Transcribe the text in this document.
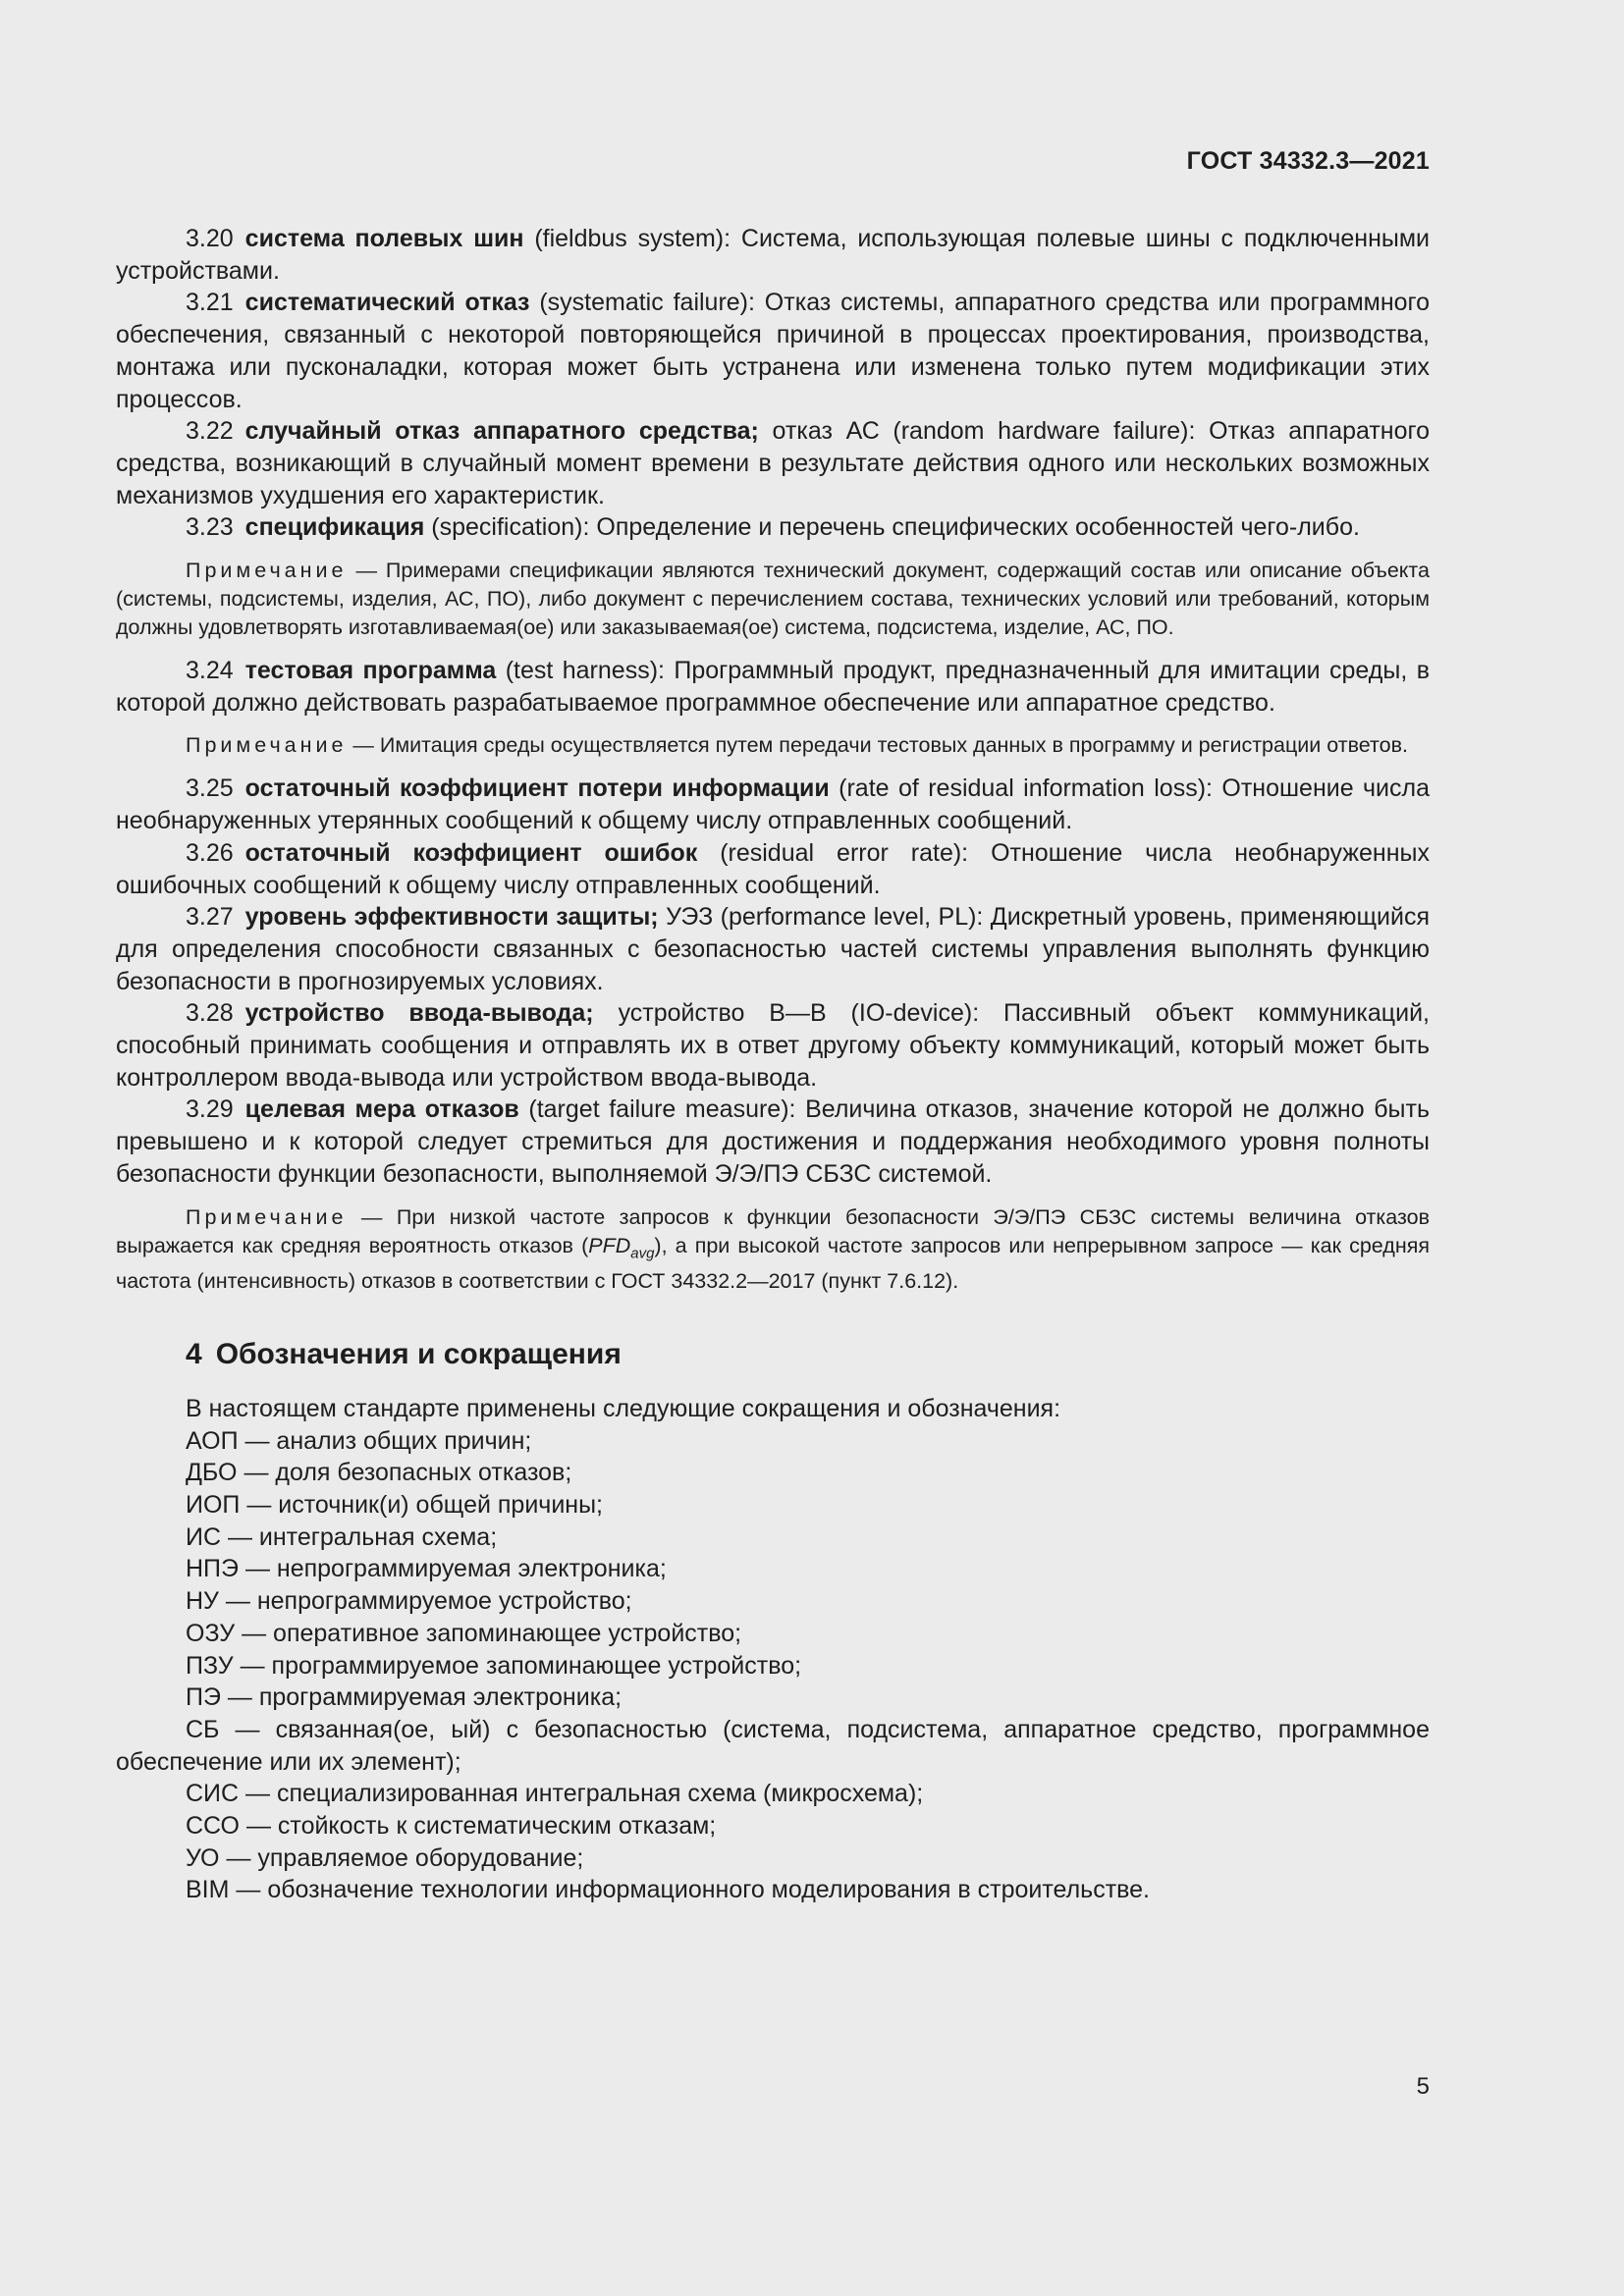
ГОСТ 34332.3—2021

3.20 система полевых шин (fieldbus system): Система, использующая полевые шины с подключенными устройствами.

3.21 систематический отказ (systematic failure): Отказ системы, аппаратного средства или программного обеспечения, связанный с некоторой повторяющейся причиной в процессах проектирования, производства, монтажа или пусконаладки, которая может быть устранена или изменена только путем модификации этих процессов.

3.22 случайный отказ аппаратного средства; отказ АС (random hardware failure): Отказ аппаратного средства, возникающий в случайный момент времени в результате действия одного или нескольких возможных механизмов ухудшения его характеристик.

3.23 спецификация (specification): Определение и перечень специфических особенностей чего-либо.

Примечание — Примерами спецификации являются технический документ, содержащий состав или описание объекта (системы, подсистемы, изделия, АС, ПО), либо документ с перечислением состава, технических условий или требований, которым должны удовлетворять изготавливаемая(ое) или заказываемая(ое) система, подсистема, изделие, АС, ПО.

3.24 тестовая программа (test harness): Программный продукт, предназначенный для имитации среды, в которой должно действовать разрабатываемое программное обеспечение или аппаратное средство.

Примечание — Имитация среды осуществляется путем передачи тестовых данных в программу и регистрации ответов.

3.25 остаточный коэффициент потери информации (rate of residual information loss): Отношение числа необнаруженных утерянных сообщений к общему числу отправленных сообщений.

3.26 остаточный коэффициент ошибок (residual error rate): Отношение числа необнаруженных ошибочных сообщений к общему числу отправленных сообщений.

3.27 уровень эффективности защиты; УЭЗ (performance level, PL): Дискретный уровень, применяющийся для определения способности связанных с безопасностью частей системы управления выполнять функцию безопасности в прогнозируемых условиях.

3.28 устройство ввода-вывода; устройство В—В (IO-device): Пассивный объект коммуникаций, способный принимать сообщения и отправлять их в ответ другому объекту коммуникаций, который может быть контроллером ввода-вывода или устройством ввода-вывода.

3.29 целевая мера отказов (target failure measure): Величина отказов, значение которой не должно быть превышено и к которой следует стремиться для достижения и поддержания необходимого уровня полноты безопасности функции безопасности, выполняемой Э/Э/ПЭ СБЗС системой.

Примечание — При низкой частоте запросов к функции безопасности Э/Э/ПЭ СБЗС системы величина отказов выражается как средняя вероятность отказов $(PFD_{avg})$, а при высокой частоте запросов или непрерывном запросе — как средняя частота (интенсивность) отказов в соответствии с ГОСТ 34332.2—2017 (пункт 7.6.12).
4 Обозначения и сокращения

В настоящем стандарте применены следующие сокращения и обозначения:

АОП — анализ общих причин;

ДБО — доля безопасных отказов;

ИОП — источник(и) общей причины;

ИС — интегральная схема;

НПЭ — непрограммируемая электроника;

НУ — непрограммируемое устройство;

ОЗУ — оперативное запоминающее устройство;

ПЗУ — программируемое запоминающее устройство;

ПЭ — программируемая электроника;

СБ — связанная(ое, ый) с безопасностью (система, подсистема, аппаратное средство, программное обеспечение или их элемент);

СИС — специализированная интегральная схема (микросхема);

ССО — стойкость к систематическим отказам;

УО — управляемое оборудование;

BIM — обозначение технологии информационного моделирования в строительстве.

5
